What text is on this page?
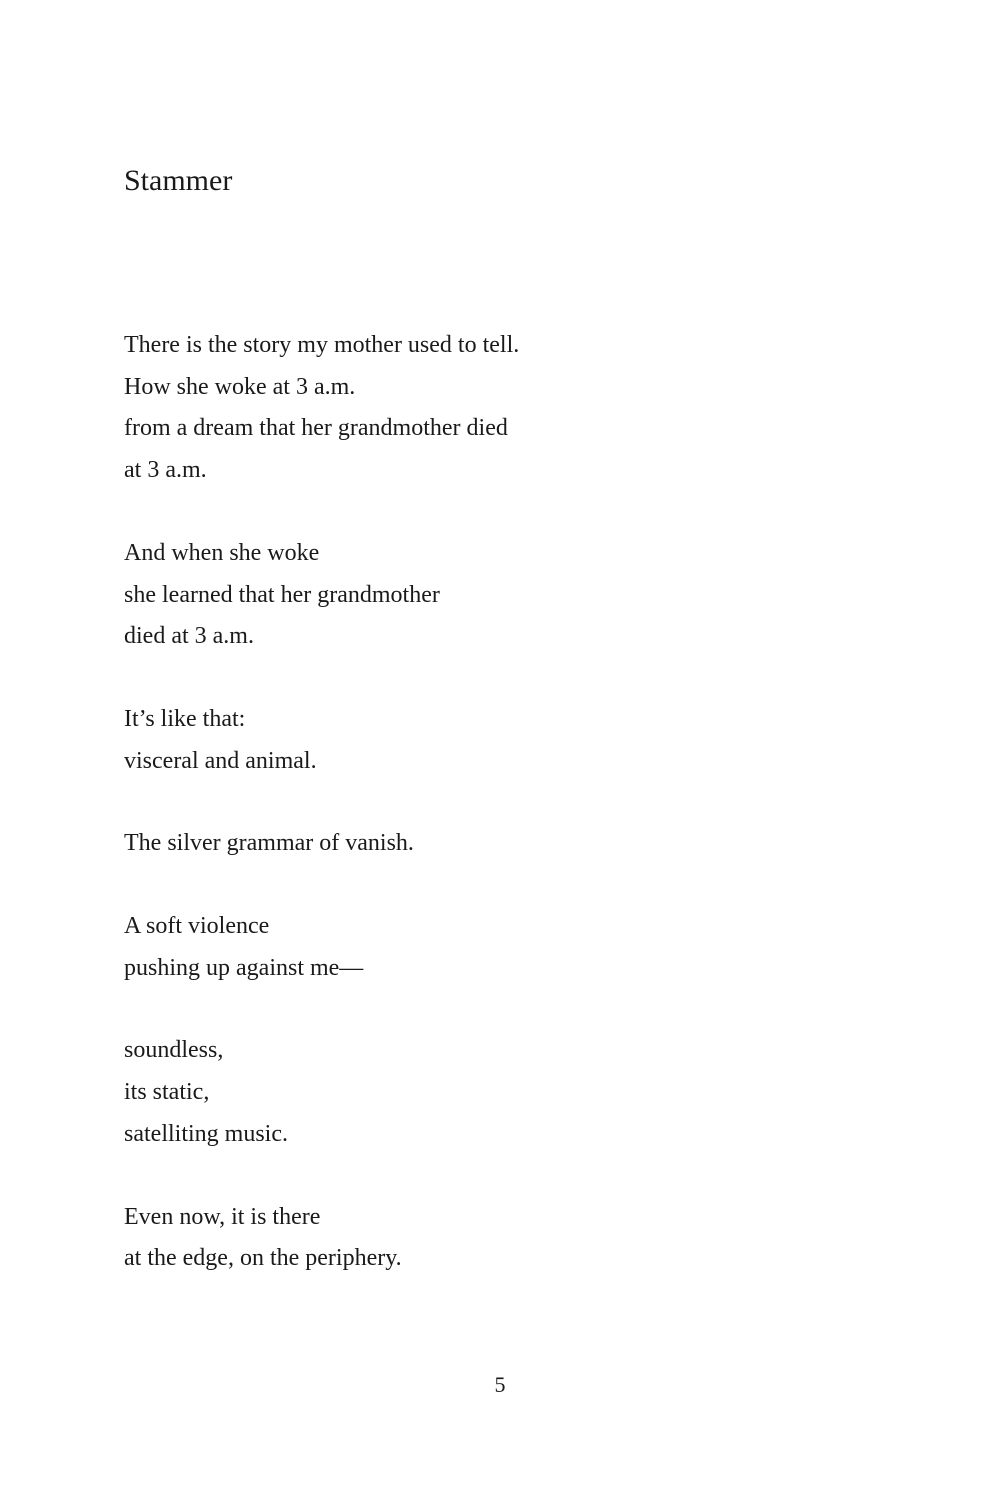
Stammer
There is the story my mother used to tell.
How she woke at 3 a.m.
from a dream that her grandmother died
at 3 a.m.
And when she woke
she learned that her grandmother
died at 3 a.m.
It’s like that:
visceral and animal.
The silver grammar of vanish.
A soft violence
pushing up against me—
soundless,
its static,
satelliting music.
Even now, it is there
at the edge, on the periphery.
5
